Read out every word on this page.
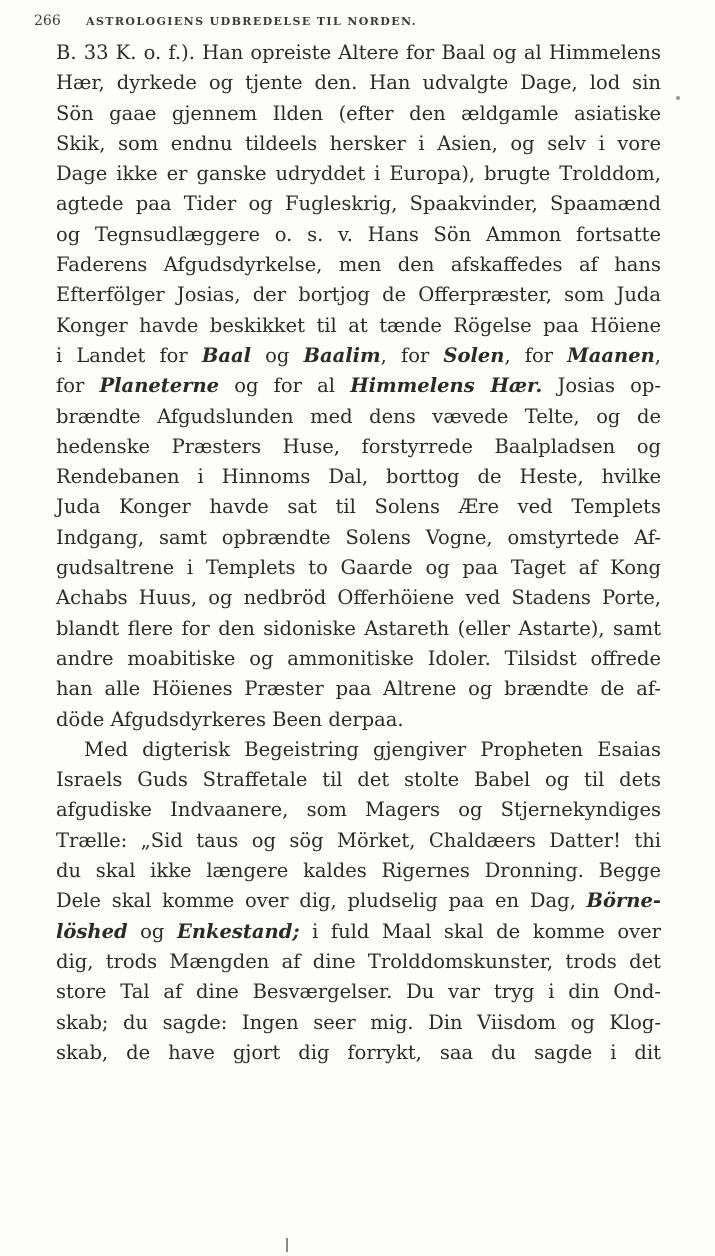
266 ASTROLOGIENS UDBREDELSE TIL NORDEN.
B. 33 K. o. f.). Han opreiste Altere for Baal og al Himmelens
Hær, dyrkede og tjente den. Han udvalgte Dage, lod sin
Sön gaae gjennem Ilden (efter den ældgamle asiatiske
Skik, som endnu tildeels hersker i Asien, og selv i vore
Dage ikke er ganske udryddet i Europa), brugte Trolddom,
agtede paa Tider og Fugleskrig, Spaakvinder, Spaamænd
og Tegnsudlæggere o. s. v. Hans Sön Ammon fortsatte
Faderens Afgudsdyrkelse, men den afskaffedes af hans
Efterfölger Josias, der bortjog de Offerpræster, som Juda
Konger havde beskikket til at tænde Rögelse paa Höiene
i Landet for Baal og Baalim, for Solen, for Maanen,
for Planeterne og for al Himmelens Hær. Josias op-
brændte Afgudslunden med dens vævede Telte, og de
hedenske Præsters Huse, forstyrrede Baalpladsen og
Rendebanen i Hinnoms Dal, borttog de Heste, hvilke
Juda Konger havde sat til Solens Ære ved Templets
Indgang, samt opbrændte Solens Vogne, omstyrtede Af-
gudsaltrene i Templets to Gaarde og paa Taget af Kong
Achabs Huus, og nedbröd Offerhöiene ved Stadens Porte,
blandt flere for den sidoniske Astareth (eller Astarte), samt
andre moabitiske og ammonitiske Idoler. Tilsidst offrede
han alle Höienes Præster paa Altrene og brændte de af-
döde Afgudsdyrkeres Been derpaa.
Med digterisk Begeistring gjengiver Propheten Esaias
Israels Guds Straffetale til det stolte Babel og til dets
afgudiske Indvaanere, som Magers og Stjernekyndiges
Trælle: „Sid taus og sög Mörket, Chaldæers Datter! thi
du skal ikke længere kaldes Rigernes Dronning. Begge
Dele skal komme over dig, pludselig paa en Dag, Börne-
löshed og Enkestand; i fuld Maal skal de komme over
dig, trods Mængden af dine Trolddomskunster, trods det
store Tal af dine Besværgelser. Du var tryg i din Ond-
skab; du sagde: Ingen seer mig. Din Viisdom og Klog-
skab, de have gjort dig forrykt, saa du sagde i dit
